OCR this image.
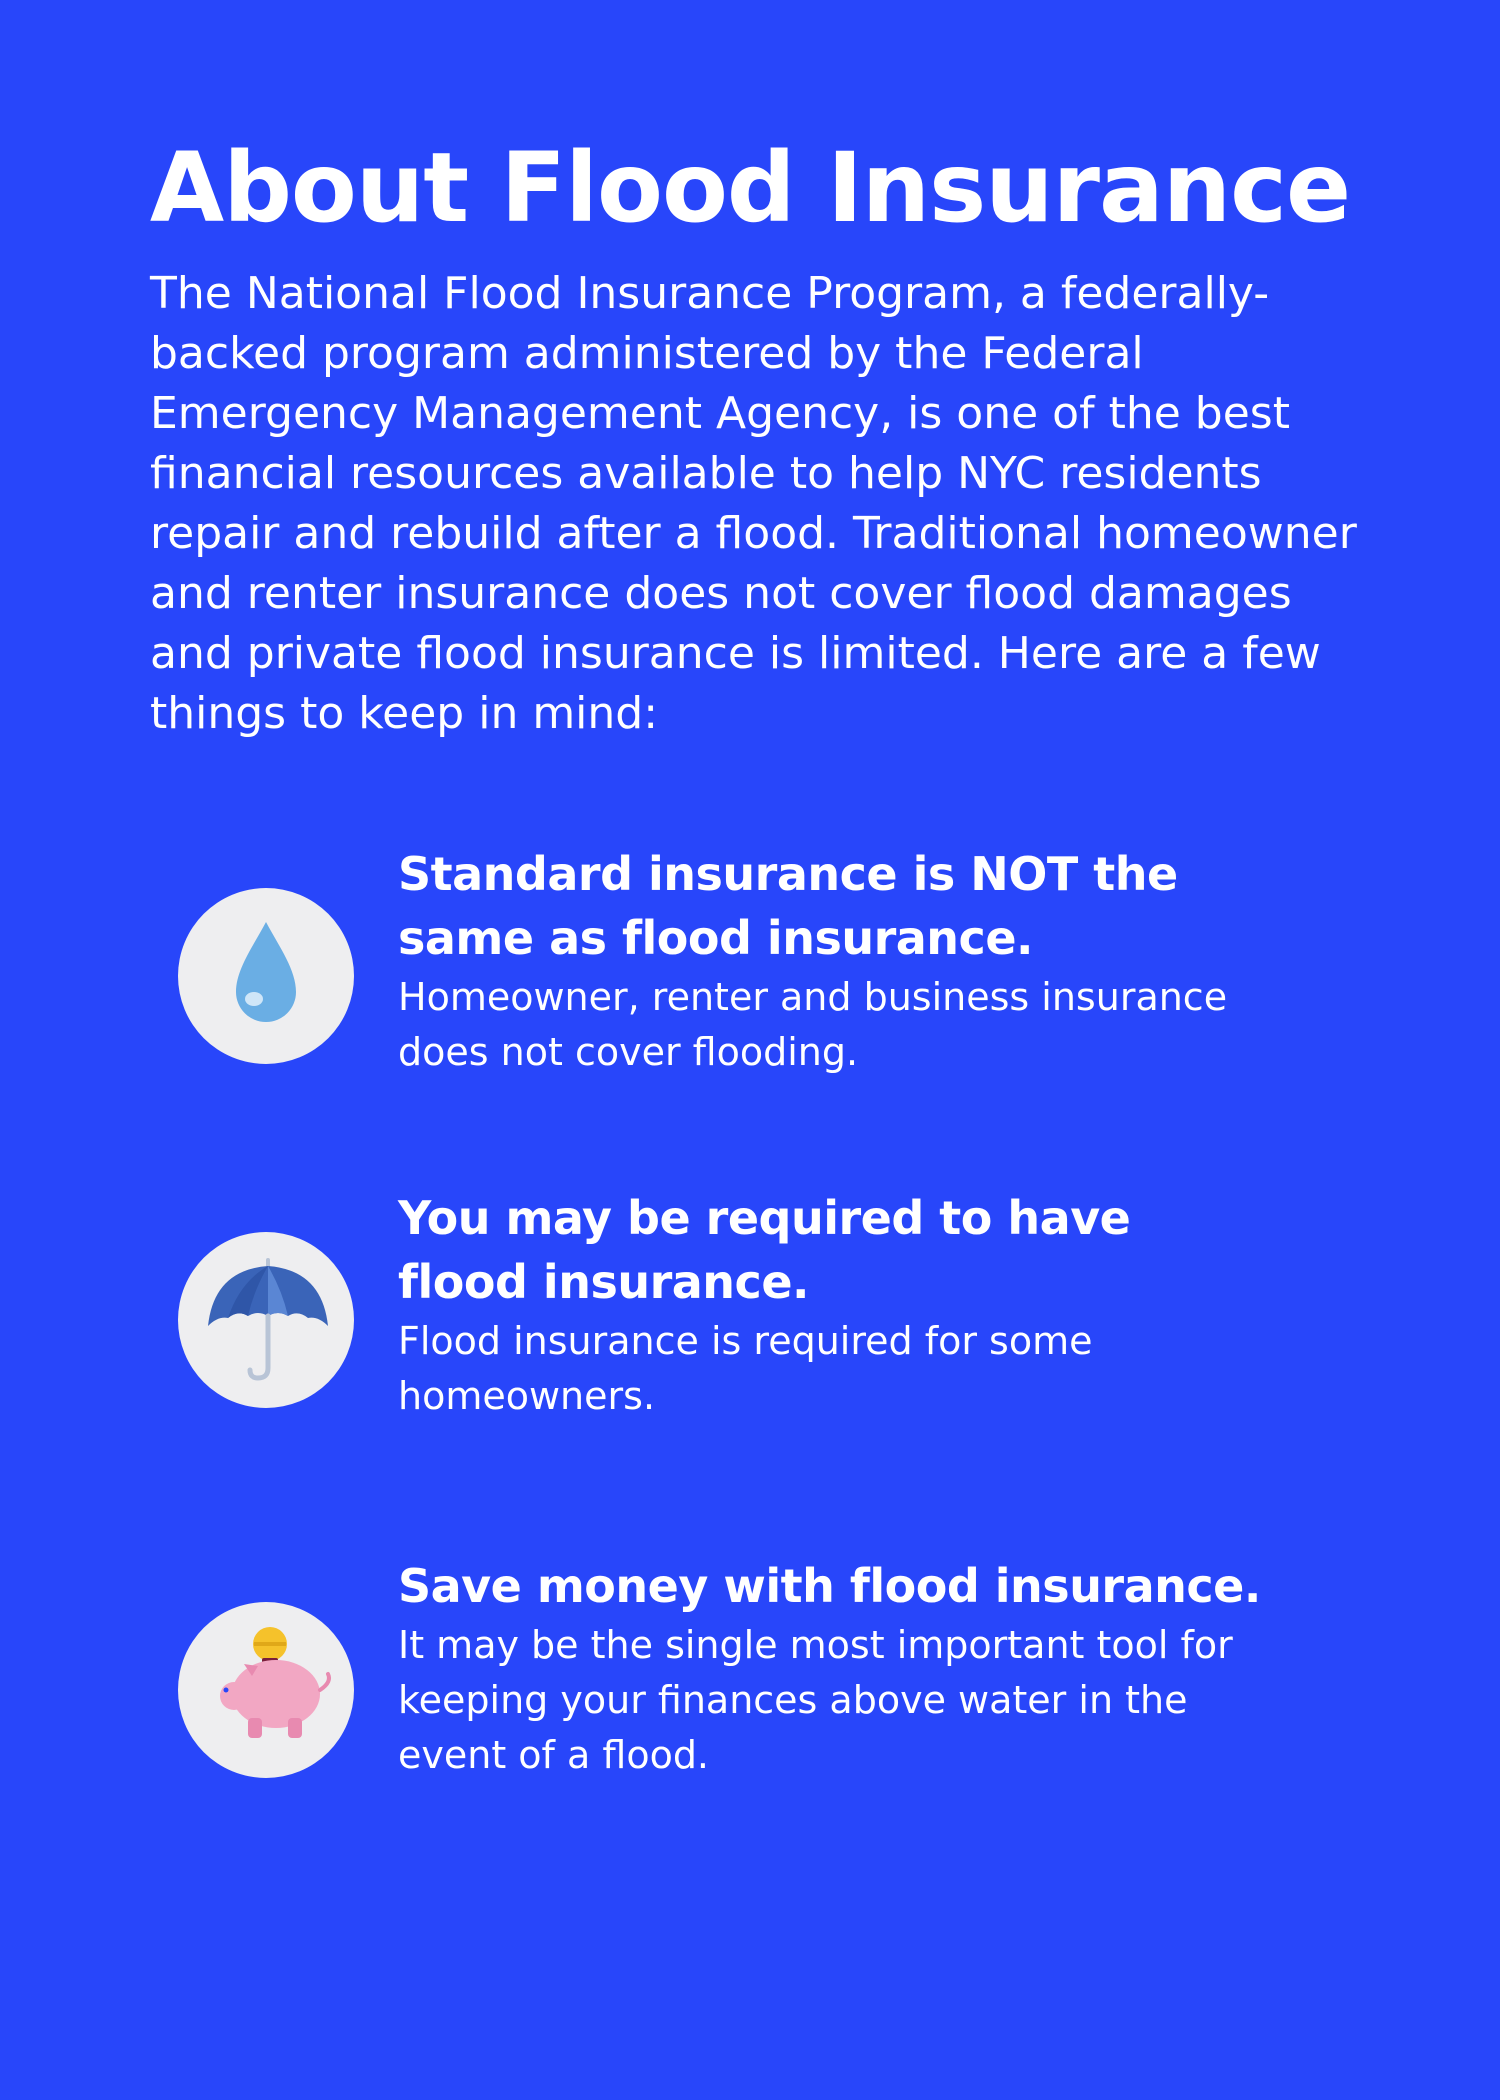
About Flood Insurance

The National Flood Insurance Program, a federally-backed program administered by the Federal Emergency Management Agency, is one of the best financial resources available to help NYC residents repair and rebuild after a flood. Traditional homeowner and renter insurance does not cover flood damages and private flood insurance is limited. Here are a few things to keep in mind:

Standard insurance is NOT the
same as flood insurance.

Homeowner, renter and business insurance
does not cover flooding.

You may be required to have
flood insurance.

Flood insurance is required for some
homeowners.

Save money with flood insurance.

It may be the single most important tool for
keeping your finances above water in the
event of a flood.
